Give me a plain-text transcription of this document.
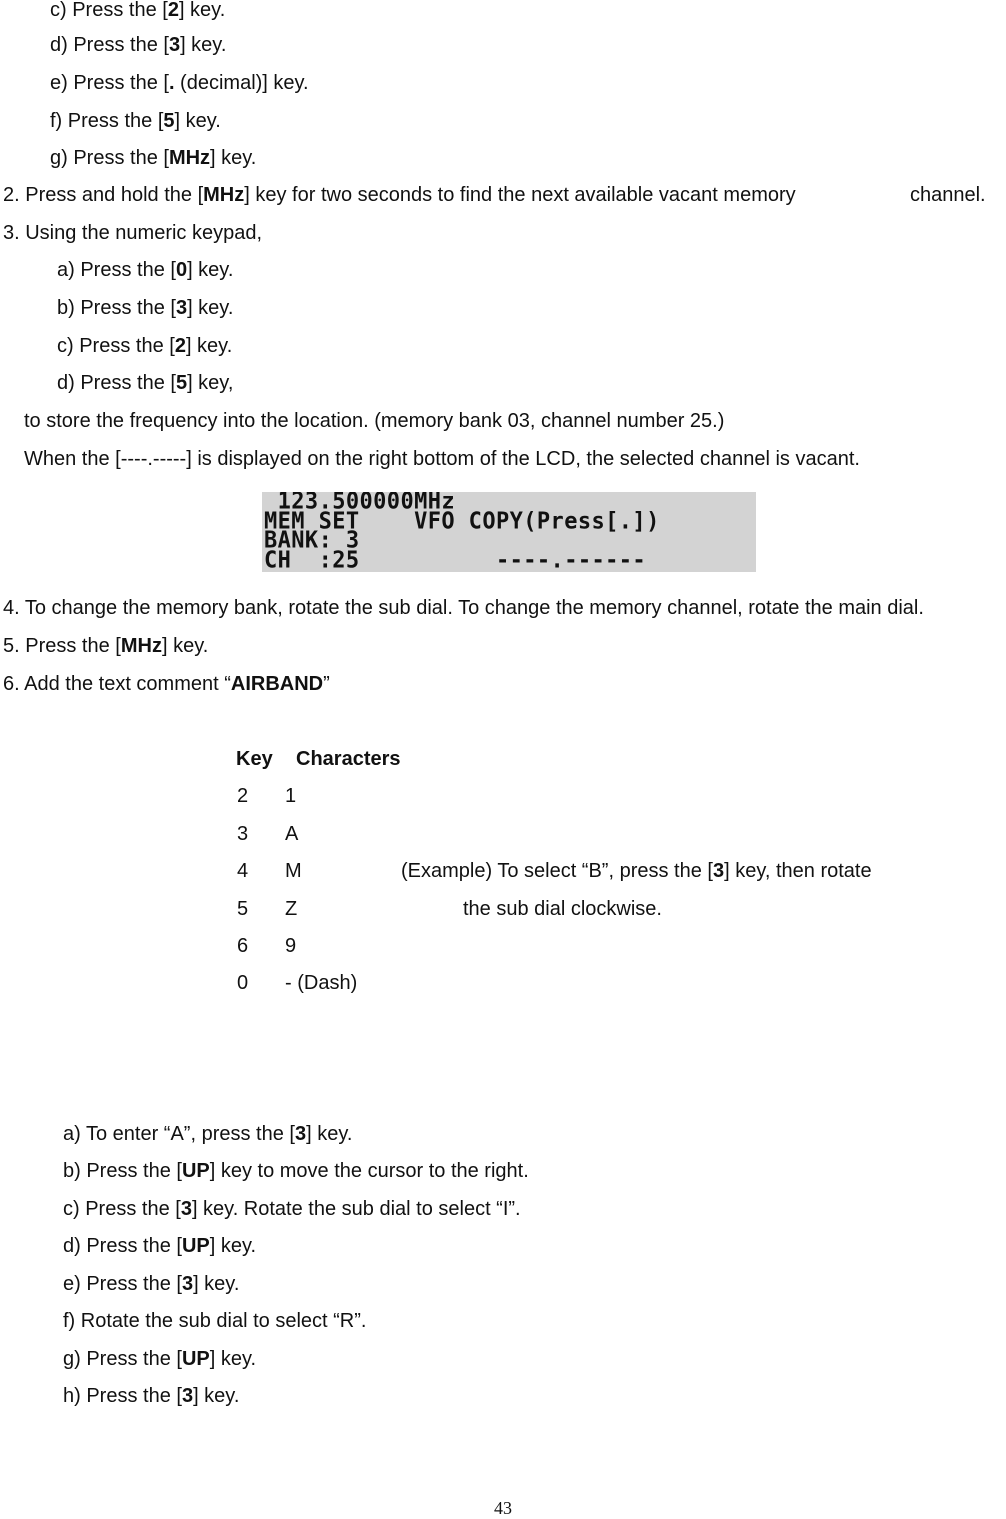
c) Press the [2] key.
d) Press the [3] key.
e) Press the [. (decimal)] key.
f) Press the [5] key.
g) Press the [MHz] key.
2. Press and hold the [MHz] key for two seconds to find the next available vacant memory	channel.
3. Using the numeric keypad,
a) Press the [0] key.
b) Press the [3] key.
c) Press the [2] key.
d) Press the [5] key,
to store the frequency into the location. (memory bank 03, channel number 25.)
When the [----.-----] is displayed on the right bottom of the LCD, the selected channel is vacant.
123.500000MHz
MEM SET    VFO COPY(Press[.])
BANK: 3
CH  :25          ----.------
4. To change the memory bank, rotate the sub dial. To change the memory channel, rotate the main dial.
5. Press the [MHz] key.
6. Add the text comment “AIRBAND”
Key Characters
2 1
3 A
4 M
5 Z
6 9
0 - (Dash)
(Example) To select “B”, press the [3] key, then rotate
the sub dial clockwise.
a) To enter “A”, press the [3] key.
b) Press the [UP] key to move the cursor to the right.
c) Press the [3] key. Rotate the sub dial to select “I”.
d) Press the [UP] key.
e) Press the [3] key.
f) Rotate the sub dial to select “R”.
g) Press the [UP] key.
h) Press the [3] key.
43
